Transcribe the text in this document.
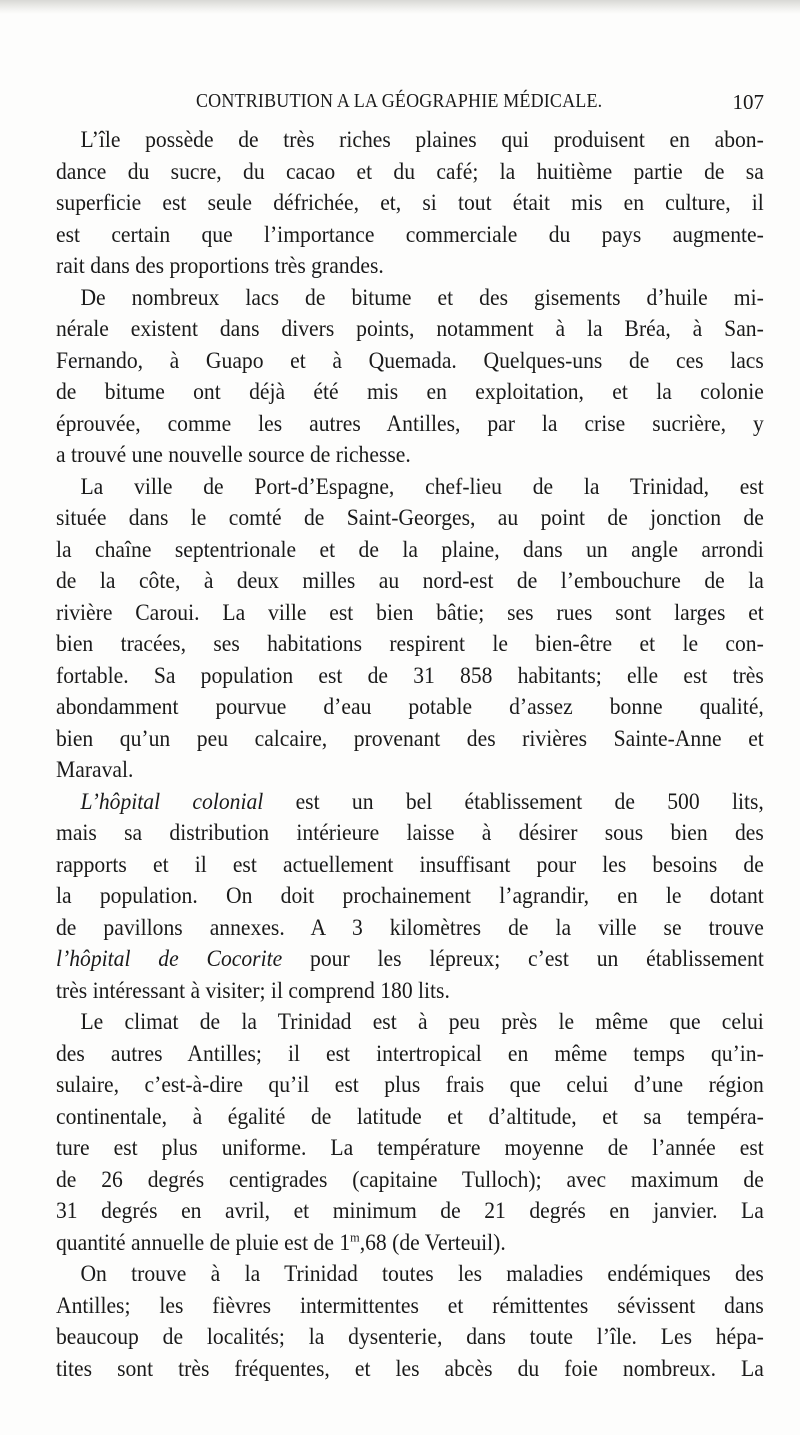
CONTRIBUTION A LA GÉOGRAPHIE MÉDICALE.	107
L’île possède de très riches plaines qui produisent en abon-
dance du sucre, du cacao et du café; la huitième partie de sa
superficie est seule défrichée, et, si tout était mis en culture, il
est certain que l’importance commerciale du pays augmente-
rait dans des proportions très grandes.
De nombreux lacs de bitume et des gisements d’huile mi-
nérale existent dans divers points, notamment à la Bréa, à San-
Fernando, à Guapo et à Quemada. Quelques-uns de ces lacs
de bitume ont déjà été mis en exploitation, et la colonie
éprouvée, comme les autres Antilles, par la crise sucrière, y
a trouvé une nouvelle source de richesse.
La ville de Port-d’Espagne, chef-lieu de la Trinidad, est
située dans le comté de Saint-Georges, au point de jonction de
la chaîne septentrionale et de la plaine, dans un angle arrondi
de la côte, à deux milles au nord-est de l’embouchure de la
rivière Caroui. La ville est bien bâtie; ses rues sont larges et
bien tracées, ses habitations respirent le bien-être et le con-
fortable. Sa population est de 31 858 habitants; elle est très
abondamment pourvue d’eau potable d’assez bonne qualité,
bien qu’un peu calcaire, provenant des rivières Sainte-Anne et
Maraval.
L’hôpital colonial est un bel établissement de 500 lits,
mais sa distribution intérieure laisse à désirer sous bien des
rapports et il est actuellement insuffisant pour les besoins de
la population. On doit prochainement l’agrandir, en le dotant
de pavillons annexes. A 3 kilomètres de la ville se trouve
l’hôpital de Cocorite pour les lépreux; c’est un établissement
très intéressant à visiter; il comprend 180 lits.
Le climat de la Trinidad est à peu près le même que celui
des autres Antilles; il est intertropical en même temps qu’in-
sulaire, c’est-à-dire qu’il est plus frais que celui d’une région
continentale, à égalité de latitude et d’altitude, et sa tempéra-
ture est plus uniforme. La température moyenne de l’année est
de 26 degrés centigrades (capitaine Tulloch); avec maximum de
31 degrés en avril, et minimum de 21 degrés en janvier. La
quantité annuelle de pluie est de 1$^m$,68 (de Verteuil).
On trouve à la Trinidad toutes les maladies endémiques des
Antilles; les fièvres intermittentes et rémittentes sévissent dans
beaucoup de localités; la dysenterie, dans toute l’île. Les hépa-
tites sont très fréquentes, et les abcès du foie nombreux. La
